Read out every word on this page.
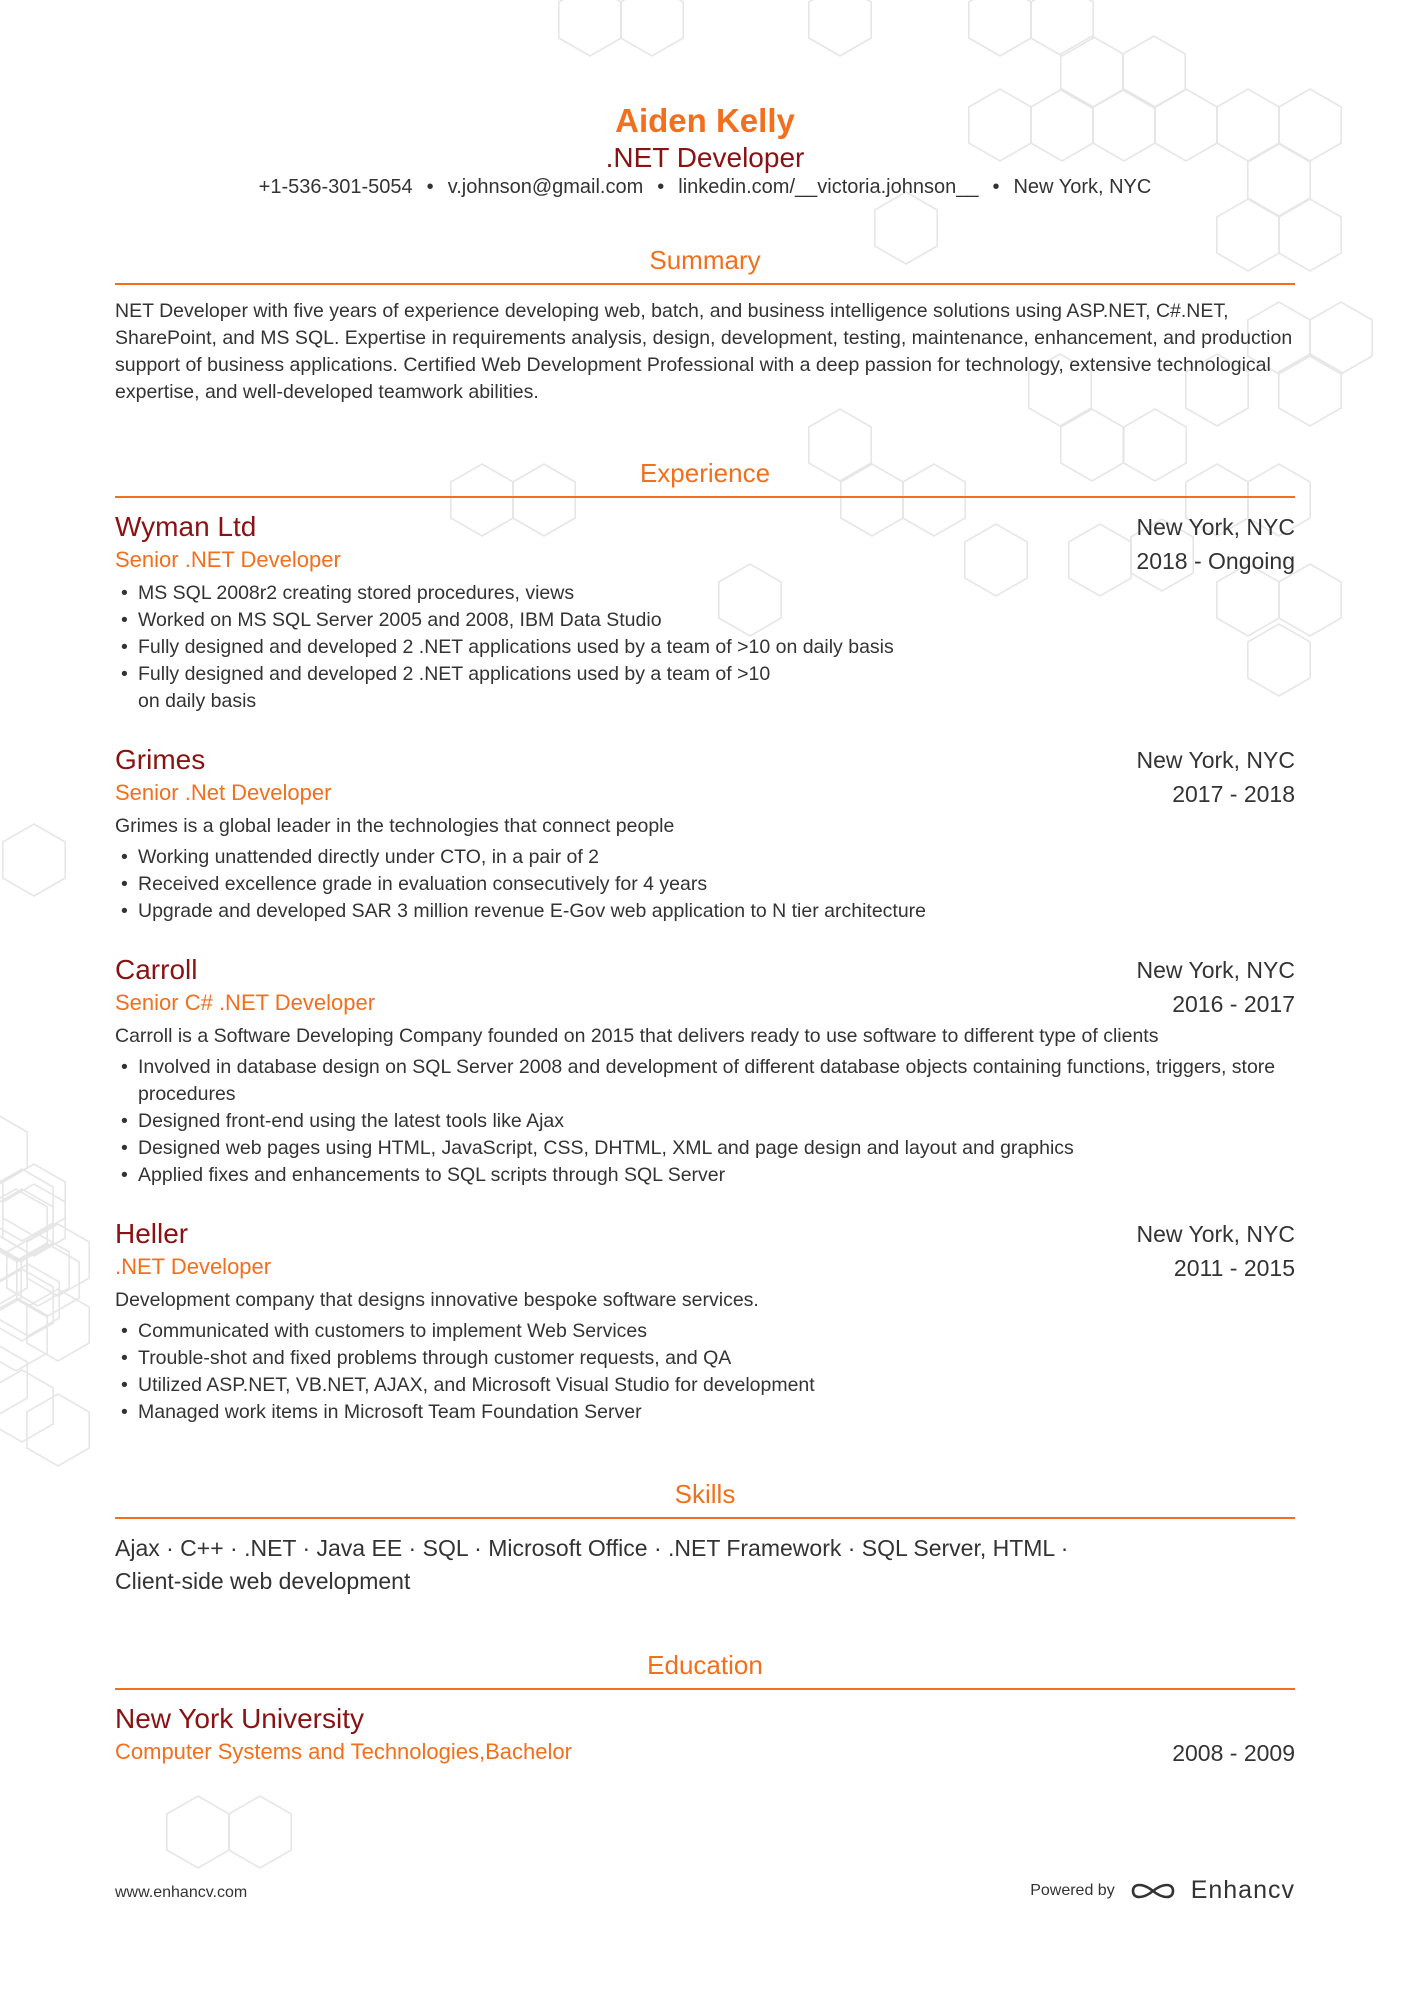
Aiden Kelly
.NET Developer
+1-536-301-5054 • v.johnson@gmail.com • linkedin.com/__victoria.johnson__ • New York, NYC
Summary
NET Developer with five years of experience developing web, batch, and business intelligence solutions using ASP.NET, C#.NET, SharePoint, and MS SQL. Expertise in requirements analysis, design, development, testing, maintenance, enhancement, and production support of business applications. Certified Web Development Professional with a deep passion for technology, extensive technological expertise, and well-developed teamwork abilities.
Experience
Wyman Ltd
Senior .NET Developer
New York, NYC
2018 - Ongoing
• MS SQL 2008r2 creating stored procedures, views
• Worked on MS SQL Server 2005 and 2008, IBM Data Studio
• Fully designed and developed 2 .NET applications used by a team of >10 on daily basis
• Fully designed and developed 2 .NET applications used by a team of >10 on daily basis
Grimes
Senior .Net Developer
New York, NYC
2017 - 2018
Grimes is a global leader in the technologies that connect people
• Working unattended directly under CTO, in a pair of 2
• Received excellence grade in evaluation consecutively for 4 years
• Upgrade and developed SAR 3 million revenue E-Gov web application to N tier architecture
Carroll
Senior C# .NET Developer
New York, NYC
2016 - 2017
Carroll is a Software Developing Company founded on 2015 that delivers ready to use software to different type of clients
• Involved in database design on SQL Server 2008 and development of different database objects containing functions, triggers, store procedures
• Designed front-end using the latest tools like Ajax
• Designed web pages using HTML, JavaScript, CSS, DHTML, XML and page design and layout and graphics
• Applied fixes and enhancements to SQL scripts through SQL Server
Heller
.NET Developer
New York, NYC
2011 - 2015
Development company that designs innovative bespoke software services.
• Communicated with customers to implement Web Services
• Trouble-shot and fixed problems through customer requests, and QA
• Utilized ASP.NET, VB.NET, AJAX, and Microsoft Visual Studio for development
• Managed work items in Microsoft Team Foundation Server
Skills
Ajax · C++ · .NET · Java EE · SQL · Microsoft Office · .NET Framework · SQL Server, HTML · Client-side web development
Education
New York University
Computer Systems and Technologies,Bachelor	2008 - 2009
www.enhancv.com	Powered by	Enhancv
